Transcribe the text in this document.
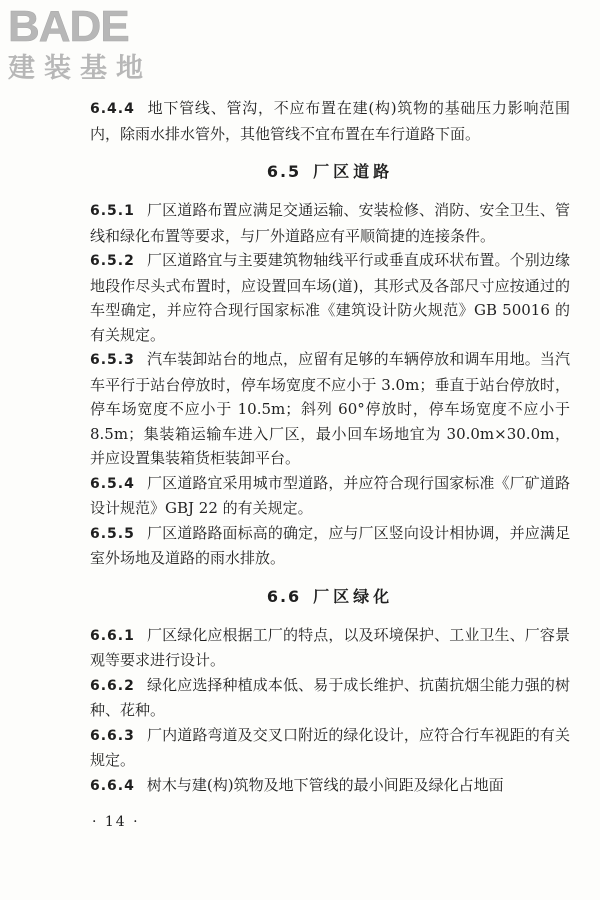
BADE
建装基地

6.4.4 地下管线、管沟，不应布置在建(构)筑物的基础压力影响范围内，除雨水排水管外，其他管线不宜布置在车行道路下面。

6.5 厂区道路

6.5.1 厂区道路布置应满足交通运输、安装检修、消防、安全卫生、管线和绿化布置等要求，与厂外道路应有平顺简捷的连接条件。

6.5.2 厂区道路宜与主要建筑物轴线平行或垂直成环状布置。个别边缘地段作尽头式布置时，应设置回车场(道)，其形式及各部尺寸应按通过的车型确定，并应符合现行国家标准《建筑设计防火规范》GB 50016 的有关规定。

6.5.3 汽车装卸站台的地点，应留有足够的车辆停放和调车用地。当汽车平行于站台停放时，停车场宽度不应小于 3.0m；垂直于站台停放时，停车场宽度不应小于 10.5m；斜列 60°停放时，停车场宽度不应小于 8.5m；集装箱运输车进入厂区，最小回车场地宜为 30.0m×30.0m，并应设置集装箱货柜装卸平台。

6.5.4 厂区道路宜采用城市型道路，并应符合现行国家标准《厂矿道路设计规范》GBJ 22 的有关规定。

6.5.5 厂区道路路面标高的确定，应与厂区竖向设计相协调，并应满足室外场地及道路的雨水排放。

6.6 厂区绿化

6.6.1 厂区绿化应根据工厂的特点，以及环境保护、工业卫生、厂容景观等要求进行设计。

6.6.2 绿化应选择种植成本低、易于成长维护、抗菌抗烟尘能力强的树种、花种。

6.6.3 厂内道路弯道及交叉口附近的绿化设计，应符合行车视距的有关规定。

6.6.4 树木与建(构)筑物及地下管线的最小间距及绿化占地面

· 14 ·
